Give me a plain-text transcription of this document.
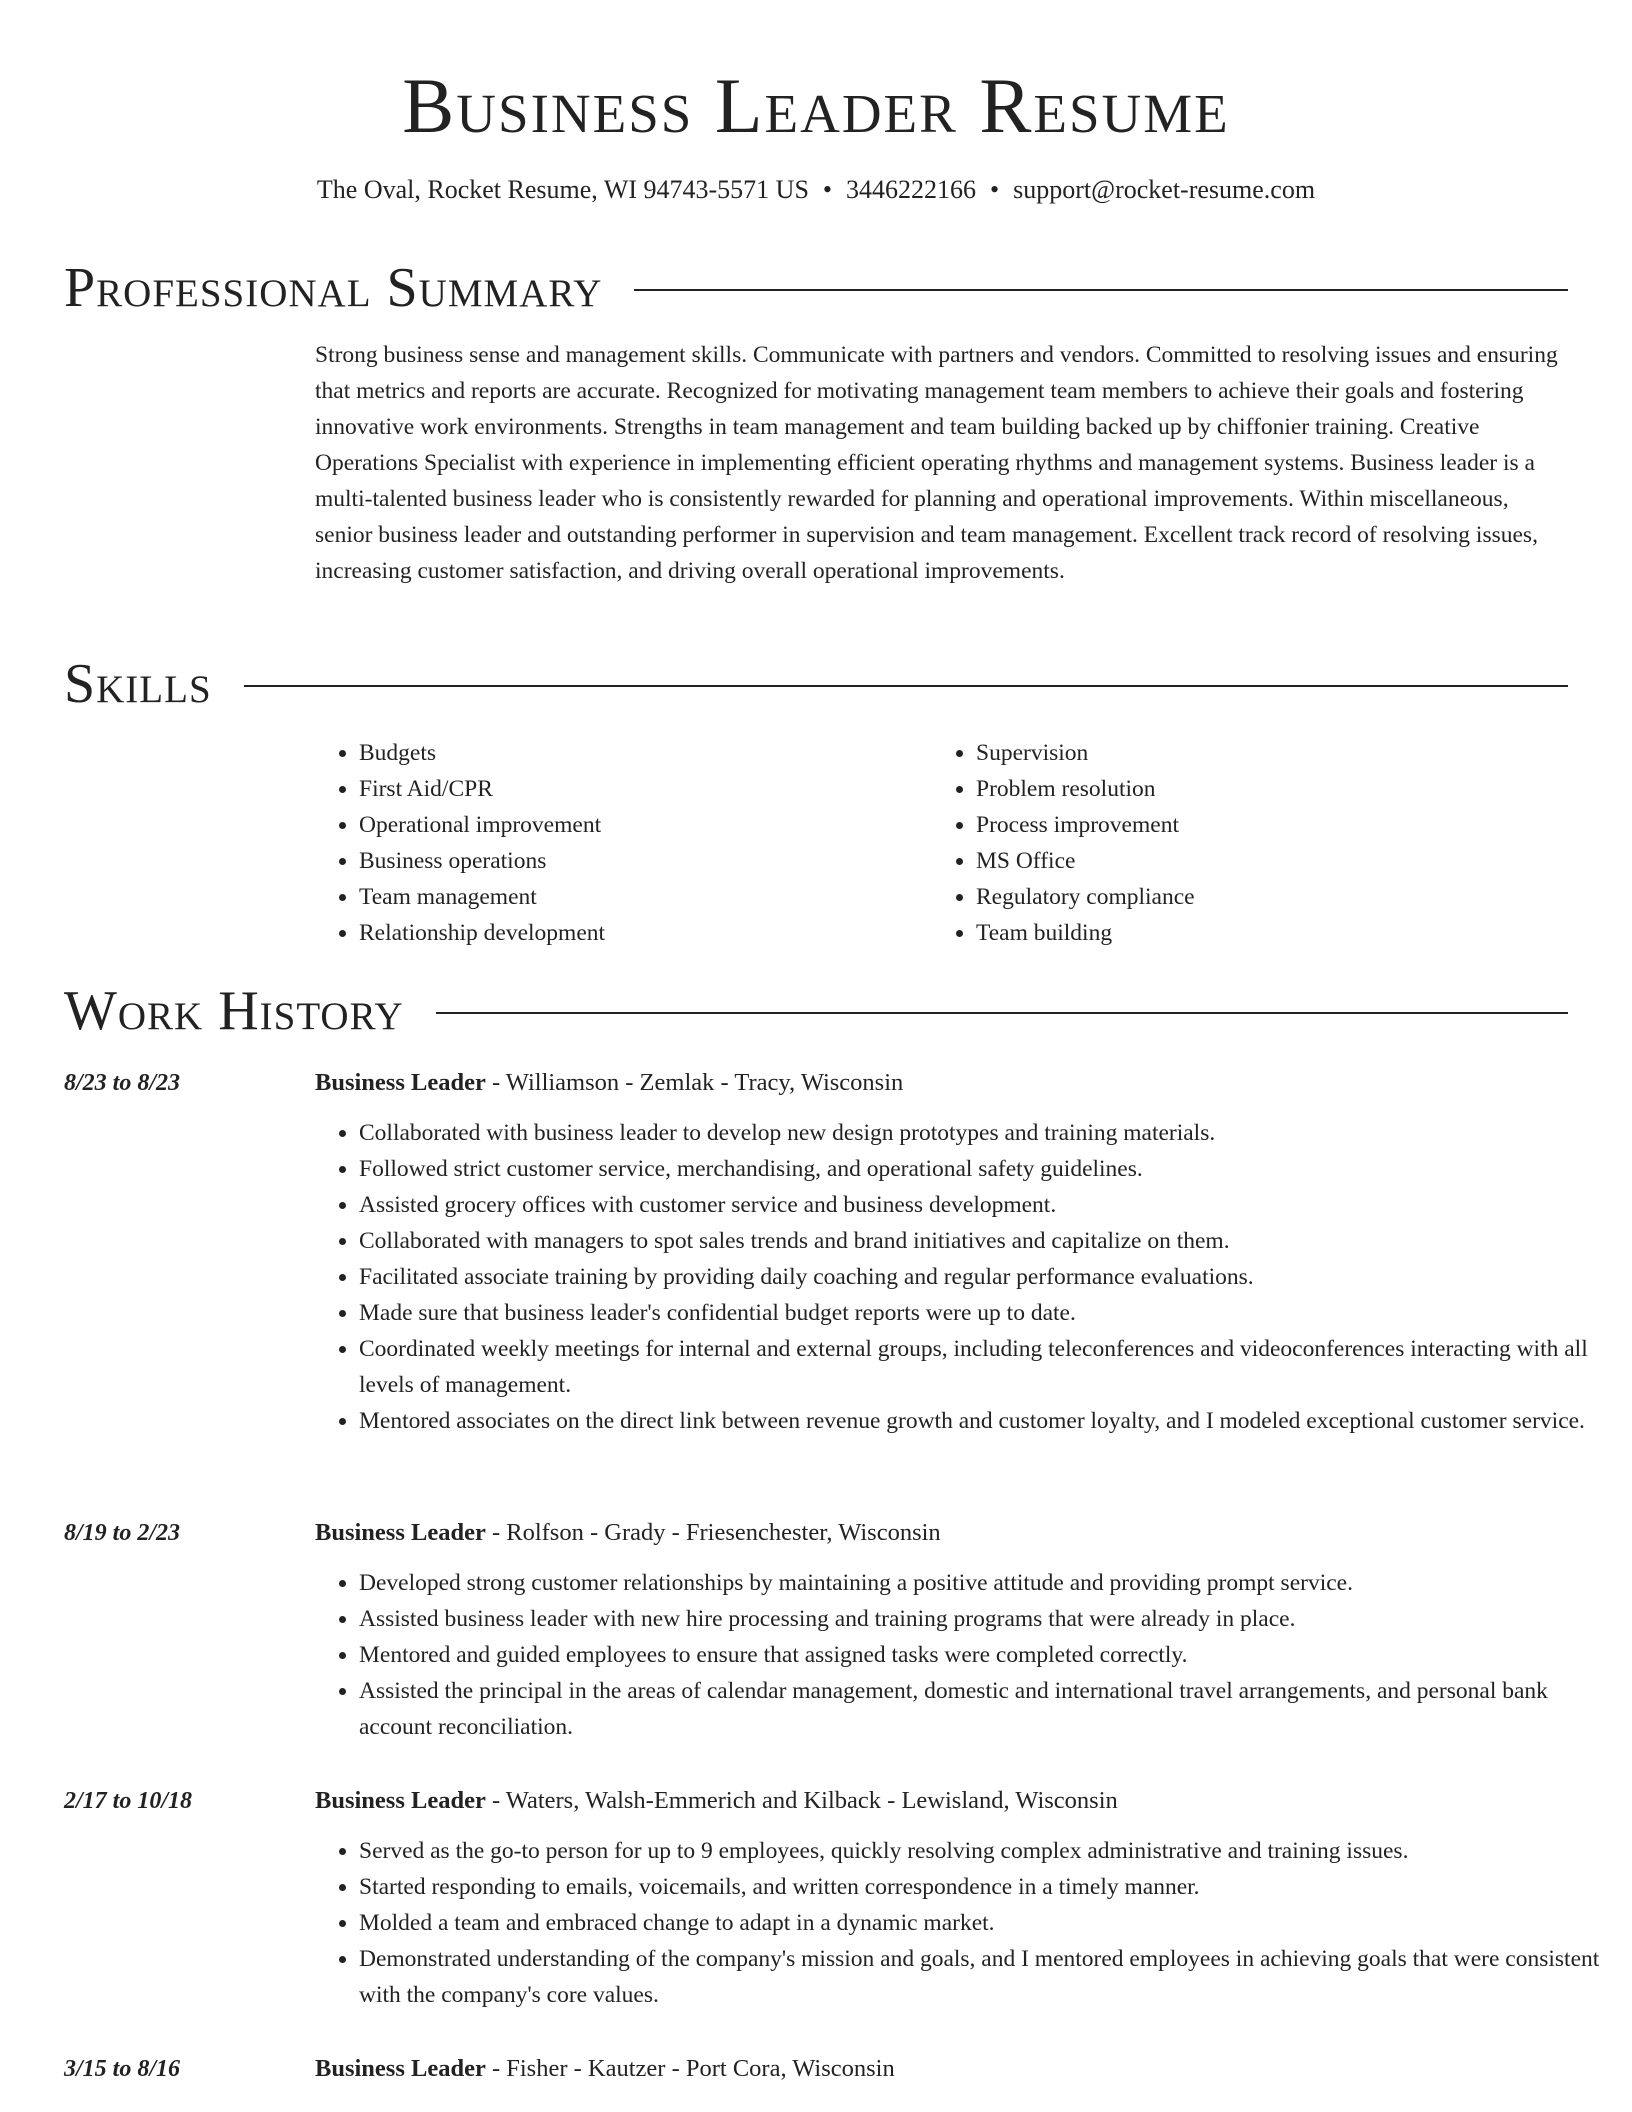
Business Leader Resume
The Oval, Rocket Resume, WI 94743-5571 US • 3446222166 • support@rocket-resume.com
Professional Summary

Strong business sense and management skills. Communicate with partners and vendors. Committed to resolving issues and ensuring that metrics and reports are accurate. Recognized for motivating management team members to achieve their goals and fostering innovative work environments. Strengths in team management and team building backed up by chiffonier training. Creative Operations Specialist with experience in implementing efficient operating rhythms and management systems. Business leader is a multi-talented business leader who is consistently rewarded for planning and operational improvements. Within miscellaneous, senior business leader and outstanding performer in supervision and team management. Excellent track record of resolving issues, increasing customer satisfaction, and driving overall operational improvements.

Skills
• Budgets
• First Aid/CPR
• Operational improvement
• Business operations
• Team management
• Relationship development
• Supervision
• Problem resolution
• Process improvement
• MS Office
• Regulatory compliance
• Team building
Work History
8/23 to 8/23	Business Leader - Williamson - Zemlak - Tracy, Wisconsin
• Collaborated with business leader to develop new design prototypes and training materials.
• Followed strict customer service, merchandising, and operational safety guidelines.
• Assisted grocery offices with customer service and business development.
• Collaborated with managers to spot sales trends and brand initiatives and capitalize on them.
• Facilitated associate training by providing daily coaching and regular performance evaluations.
• Made sure that business leader's confidential budget reports were up to date.
• Coordinated weekly meetings for internal and external groups, including teleconferences and videoconferences interacting with all levels of management.
• Mentored associates on the direct link between revenue growth and customer loyalty, and I modeled exceptional customer service.
8/19 to 2/23	Business Leader - Rolfson - Grady - Friesenchester, Wisconsin
• Developed strong customer relationships by maintaining a positive attitude and providing prompt service.
• Assisted business leader with new hire processing and training programs that were already in place.
• Mentored and guided employees to ensure that assigned tasks were completed correctly.
• Assisted the principal in the areas of calendar management, domestic and international travel arrangements, and personal bank account reconciliation.
2/17 to 10/18	Business Leader - Waters, Walsh-Emmerich and Kilback - Lewisland, Wisconsin
• Served as the go-to person for up to 9 employees, quickly resolving complex administrative and training issues.
• Started responding to emails, voicemails, and written correspondence in a timely manner.
• Molded a team and embraced change to adapt in a dynamic market.
• Demonstrated understanding of the company's mission and goals, and I mentored employees in achieving goals that were consistent with the company's core values.
3/15 to 8/16	Business Leader - Fisher - Kautzer - Port Cora, Wisconsin
